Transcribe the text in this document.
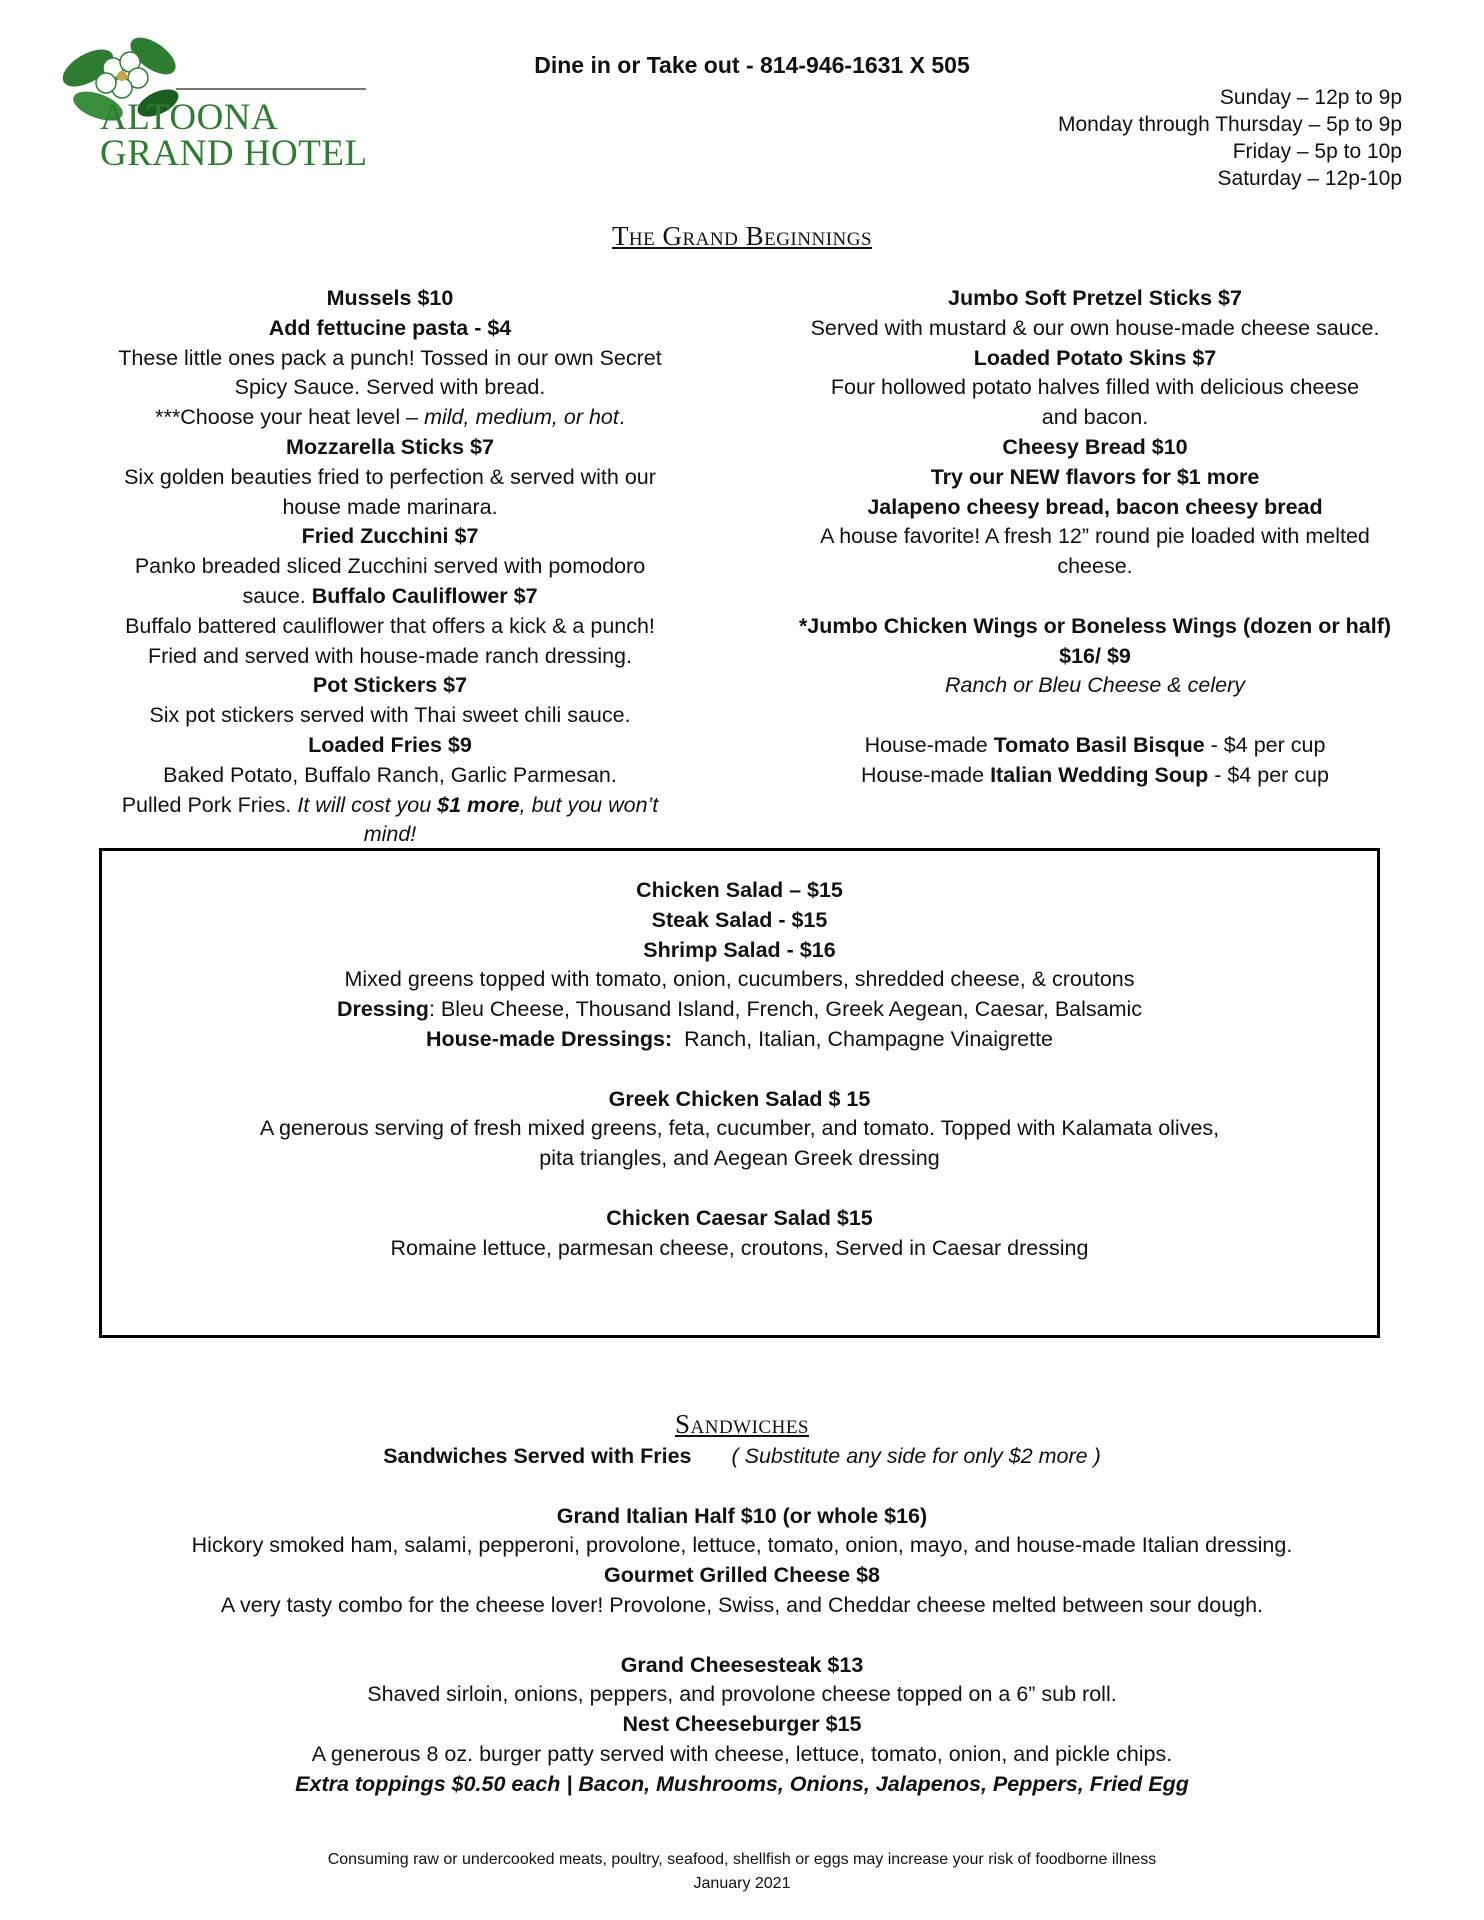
ALTOONA
GRAND HOTEL
Dine in or Take out - 814-946-1631 X 505
Sunday – 12p to 9p
Monday through Thursday – 5p to 9p
Friday – 5p to 10p
Saturday – 12p-10p
The Grand Beginnings
Mussels $10
Add fettucine pasta - $4
These little ones pack a punch! Tossed in our own Secret
Spicy Sauce. Served with bread.
***Choose your heat level – mild, medium, or hot.
Mozzarella Sticks $7
Six golden beauties fried to perfection & served with our
house made marinara.
Fried Zucchini $7
Panko breaded sliced Zucchini served with pomodoro
sauce. Buffalo Cauliflower $7
Buffalo battered cauliflower that offers a kick & a punch!
Fried and served with house-made ranch dressing.
Pot Stickers $7
Six pot stickers served with Thai sweet chili sauce.
Loaded Fries $9
Baked Potato, Buffalo Ranch, Garlic Parmesan.
Pulled Pork Fries. It will cost you $1 more, but you won’t
mind!
Jumbo Soft Pretzel Sticks $7
Served with mustard & our own house-made cheese sauce.
Loaded Potato Skins $7
Four hollowed potato halves filled with delicious cheese
and bacon.
Cheesy Bread $10
Try our NEW flavors for $1 more
Jalapeno cheesy bread, bacon cheesy bread
A house favorite! A fresh 12” round pie loaded with melted
cheese.
*Jumbo Chicken Wings or Boneless Wings (dozen or half)
$16/ $9
Ranch or Bleu Cheese & celery
House-made Tomato Basil Bisque - $4 per cup
House-made Italian Wedding Soup - $4 per cup
Chicken Salad – $15
Steak Salad - $15
Shrimp Salad - $16
Mixed greens topped with tomato, onion, cucumbers, shredded cheese, & croutons
Dressing: Bleu Cheese, Thousand Island, French, Greek Aegean, Caesar, Balsamic
House-made Dressings:  Ranch, Italian, Champagne Vinaigrette
Greek Chicken Salad $ 15
A generous serving of fresh mixed greens, feta, cucumber, and tomato. Topped with Kalamata olives,
pita triangles, and Aegean Greek dressing
Chicken Caesar Salad $15
Romaine lettuce, parmesan cheese, croutons, Served in Caesar dressing
Sandwiches
Sandwiches Served with Fries ( Substitute any side for only $2 more )
Grand Italian Half $10 (or whole $16)
Hickory smoked ham, salami, pepperoni, provolone, lettuce, tomato, onion, mayo, and house-made Italian dressing.
Gourmet Grilled Cheese $8
A very tasty combo for the cheese lover! Provolone, Swiss, and Cheddar cheese melted between sour dough.
Grand Cheesesteak $13
Shaved sirloin, onions, peppers, and provolone cheese topped on a 6” sub roll.
Nest Cheeseburger $15
A generous 8 oz. burger patty served with cheese, lettuce, tomato, onion, and pickle chips.
Extra toppings $0.50 each | Bacon, Mushrooms, Onions, Jalapenos, Peppers, Fried Egg
Consuming raw or undercooked meats, poultry, seafood, shellfish or eggs may increase your risk of foodborne illness
January 2021
